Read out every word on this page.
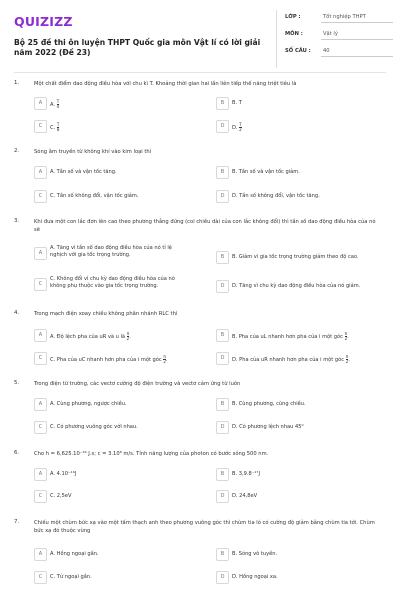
QUIZIZZ
Bộ 25 đề thi ôn luyện THPT Quốc gia môn Vật lí có lời giải năm 2022 (Đề 23)
LỚP :	Tốt nghiệp THPT
MÔN :	Vật lý
SỐ CÂU :	40
1.	Một chất điểm dao động điều hòa với chu kì T. Khoảng thời gian hai lần liên tiếp thế năng triệt tiêu là
A	A. $\frac{T}{4}$	B	B. T
C	C. $\frac{T}{8}$	D	D. $\frac{T}{2}$
2.	Sóng âm truyền từ không khí vào kim loại thì
A	A. Tần số và vận tốc tăng.	B	B. Tần số và vận tốc giảm.
C	C. Tần số không đổi, vận tốc giảm.	D	D. Tần số không đổi, vận tốc tăng.
3.	Khi đưa một con lắc đơn lên cao theo phương thẳng đứng (coi chiều dài của con lắc không đổi) thì tần số dao động điều hòa của nó sẽ
A
A. Tăng vì tần số dao động điều hòa của nó tỉ lệ nghịch với gia tốc trọng trường.	B	B. Giảm vì gia tốc trọng trường giảm theo độ cao.
C
C. Không đổi vì chu kỳ dao động điều hòa của nó không phụ thuộc vào gia tốc trọng trường.	D	D. Tăng vì chu kỳ dao động điều hòa của nó giảm.
4.	Trong mạch điện xoay chiều không phân nhánh RLC thì
A	A. Độ lệch pha của uR và u là $\frac{\pi}{2}$ .	B	B. Pha của uL nhanh hơn pha của i một góc $\frac{\pi}{2}$ .
C	C. Pha của uC nhanh hơn pha của i một góc $\frac{\pi}{2}$ .	D	D. Pha của uR nhanh hơn pha của i một góc $\frac{\pi}{2}$ .
5.	Trong điện từ trường, các vectơ cường độ điện trường và vectơ cảm ứng từ luôn
A	A. Cùng phương, ngược chiều.	B	B. Cùng phương, cùng chiều.
C	C. Có phương vuông góc với nhau.	D	D. Có phương lệch nhau 45⁰
6.	Cho h = 6,625.10⁻³⁴ J.s; c = 3.10⁸ m/s. Tính năng lượng của photon có bước sóng 500 nm.
A	A. 4.10⁻¹⁶J	B	B. 3,9.8⁻¹⁷J
C	C. 2,5eV	D	D. 24,8eV
7.	Chiếu một chùm bức xạ vào một tấm thạch anh theo phương vuông góc thì chùm tia ló có cường độ giảm bằng chùm tia tới. Chùm bức xạ đó thuộc vùng
A	A. Hồng ngoại gần.	B	B. Sóng vô tuyến.
C	C. Tử ngoại gần.	D	D. Hồng ngoại xa.
